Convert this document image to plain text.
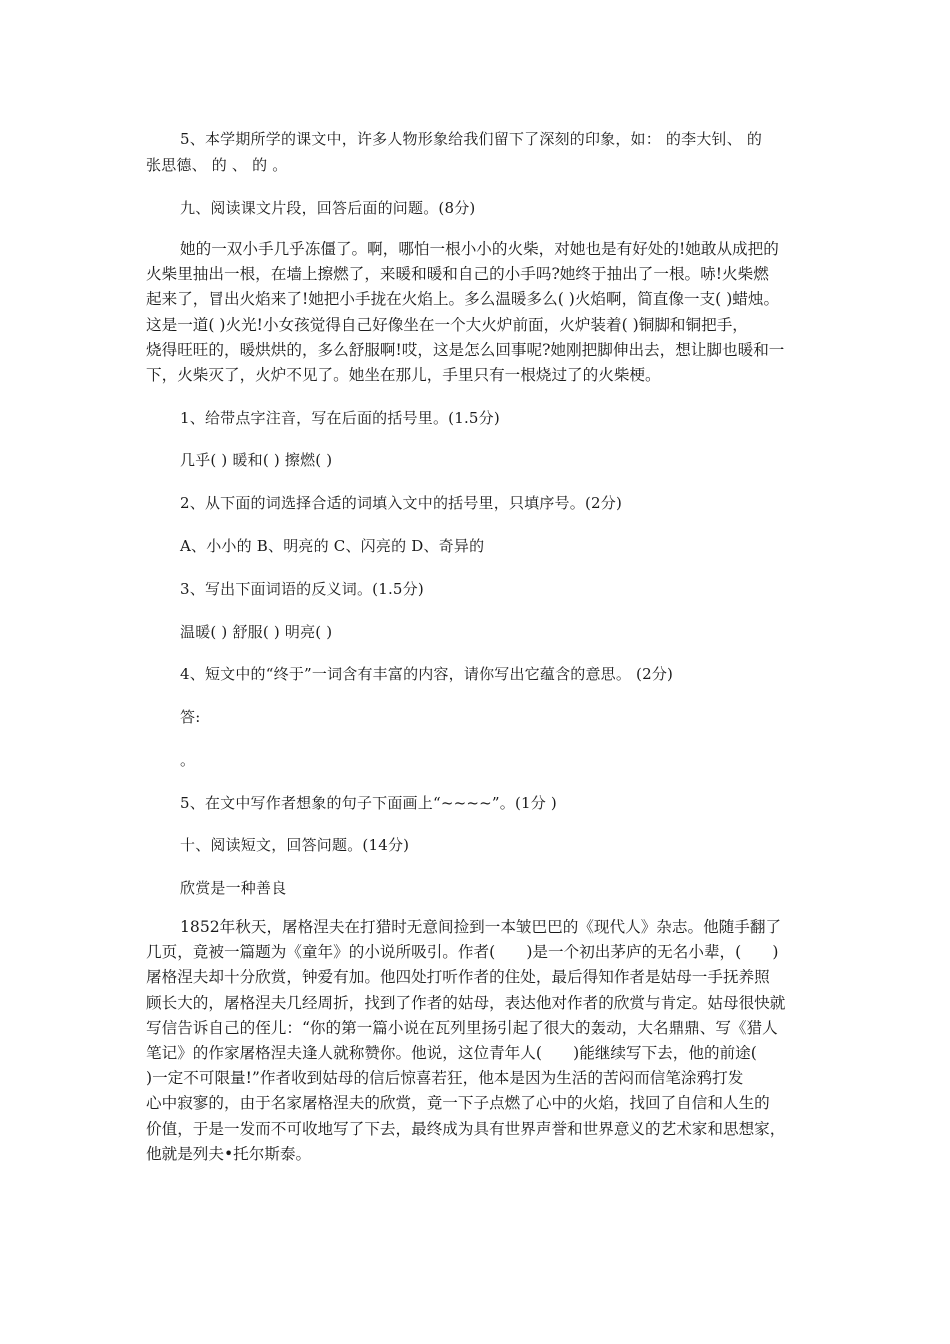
5、本学期所学的课文中，许多人物形象给我们留下了深刻的印象，如： 的李大钊、 的
张思德、 的 、 的 。
九、阅读课文片段，回答后面的问题。(8分)

她的一双小手几乎冻僵了。啊，哪怕一根小小的火柴，对她也是有好处的!她敢从成把的

火柴里抽出一根，在墙上擦燃了，来暖和暖和自己的小手吗?她终于抽出了一根。哧!火柴燃

起来了，冒出火焰来了!她把小手拢在火焰上。多么温暖多么( )火焰啊，简直像一支( )蜡烛。

这是一道( )火光!小女孩觉得自己好像坐在一个大火炉前面，火炉装着( )铜脚和铜把手，

烧得旺旺的，暖烘烘的，多么舒服啊!哎，这是怎么回事呢?她刚把脚伸出去，想让脚也暖和一

下，火柴灭了，火炉不见了。她坐在那儿，手里只有一根烧过了的火柴梗。

1、给带点字注音，写在后面的括号里。(1.5分)
几乎( ) 暖和( ) 擦燃( )
2、从下面的词选择合适的词填入文中的括号里，只填序号。(2分)
A、小小的 B、明亮的 C、闪亮的 D、奇异的
3、写出下面词语的反义词。(1.5分)
温暖( ) 舒服( ) 明亮( )
4、短文中的“终于”一词含有丰富的内容，请你写出它蕴含的意思。 (2分)
答:
。
5、在文中写作者想象的句子下面画上“~~~~”。(1分 )
十、阅读短文，回答问题。(14分)
欣赏是一种善良

1852年秋天，屠格涅夫在打猎时无意间捡到一本皱巴巴的《现代人》杂志。他随手翻了

几页，竟被一篇题为《童年》的小说所吸引。作者(　　)是一个初出茅庐的无名小辈，(　　)

屠格涅夫却十分欣赏，钟爱有加。他四处打听作者的住处，最后得知作者是姑母一手抚养照

顾长大的，屠格涅夫几经周折，找到了作者的姑母，表达他对作者的欣赏与肯定。姑母很快就

写信告诉自己的侄儿：“你的第一篇小说在瓦列里扬引起了很大的轰动，大名鼎鼎、写《猎人

笔记》的作家屠格涅夫逢人就称赞你。他说，这位青年人(　　)能继续写下去，他的前途(

)一定不可限量!”作者收到姑母的信后惊喜若狂，他本是因为生活的苦闷而信笔涂鸦打发

心中寂寥的，由于名家屠格涅夫的欣赏，竟一下子点燃了心中的火焰，找回了自信和人生的

价值，于是一发而不可收地写了下去，最终成为具有世界声誉和世界意义的艺术家和思想家，

他就是列夫•托尔斯泰。
